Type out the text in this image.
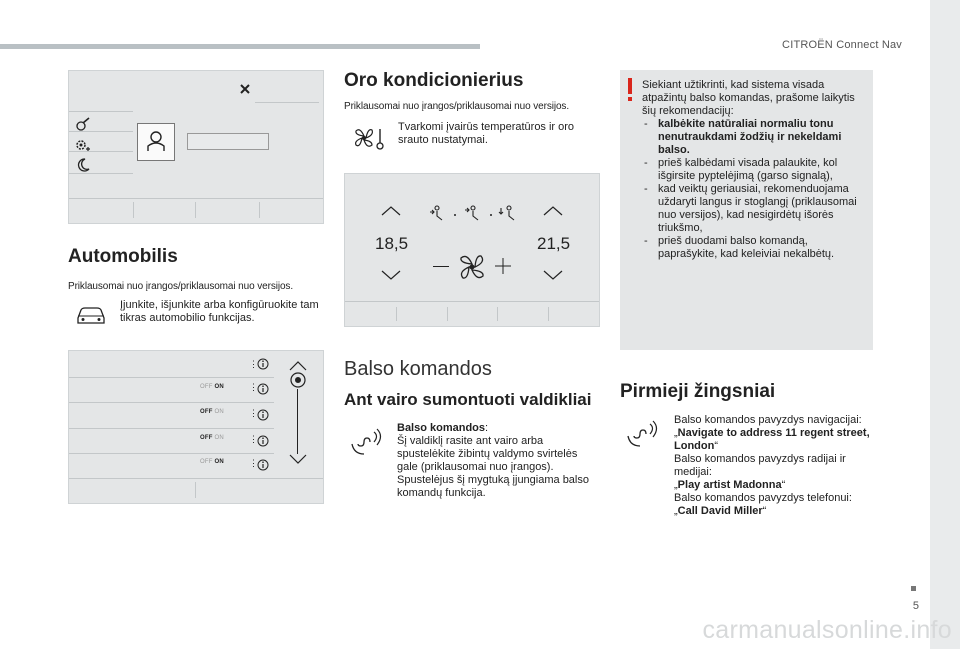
CITROËN Connect Nav
5
carmanualsonline.info
Automobilis
Priklausomai nuo įrangos/priklausomai nuo versijos.
Įjunkite, išjunkite arba konfigūruokite tam tikras automobilio funkcijas.
⋮
OFF ON	⋮
OFF ON	⋮
OFF ON	⋮
OFF ON	⋮
Oro kondicionierius
Priklausomai nuo įrangos/priklausomai nuo versijos.
Tvarkomi įvairūs temperatūros ir oro srauto nustatymai.
18,5	21,5
Balso komandos
Ant vairo sumontuoti valdikliai
Balso komandos:
Šį valdiklį rasite ant vairo arba spustelėkite žibintų valdymo svirtelės gale (priklausomai nuo įrangos).
Spustelėjus šį mygtuką įjungiama balso komandų funkcija.
Siekiant užtikrinti, kad sistema visada atpažintų balso komandas, prašome laikytis šių rekomendacijų:
- kalbėkite natūraliai normaliu tonu nenutraukdami žodžių ir nekeldami balso.
- prieš kalbėdami visada palaukite, kol išgirsite pyptelėjimą (garso signalą),
- kad veiktų geriausiai, rekomenduojama uždaryti langus ir stoglangį (priklausomai nuo versijos), kad nesigirdėtų išorės triukšmo,
- prieš duodami balso komandą, paprašykite, kad keleiviai nekalbėtų.
Pirmieji žingsniai
Balso komandos pavyzdys navigacijai:
„Navigate to address 11 regent street, London“
Balso komandos pavyzdys radijai ir medijai:
„Play artist Madonna“
Balso komandos pavyzdys telefonui:
„Call David Miller“
